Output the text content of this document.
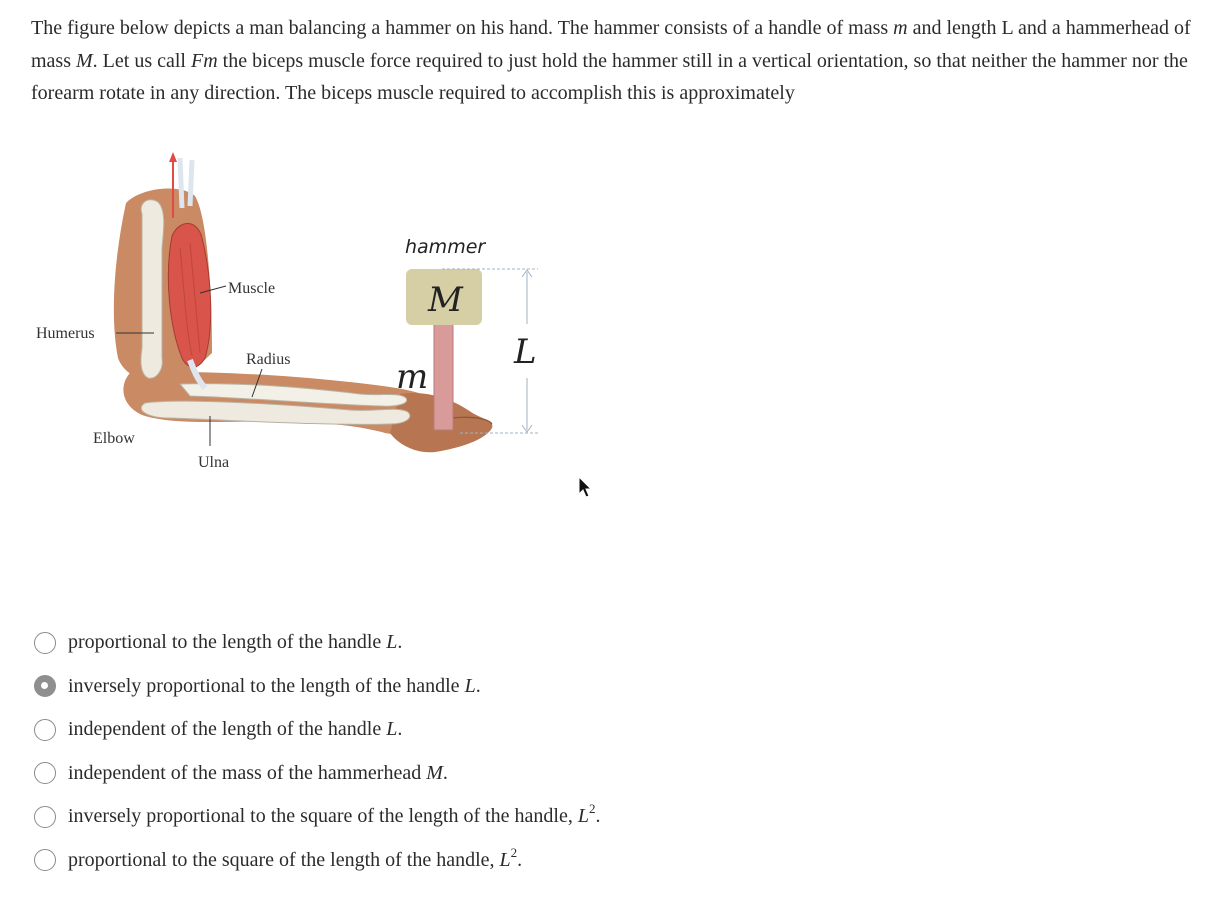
The figure below depicts a man balancing a hammer on his hand. The hammer consists of a handle of mass m and length L and a hammerhead of mass M. Let us call Fm the biceps muscle force required to just hold the hammer still in a vertical orientation, so that neither the hammer nor the forearm rotate in any direction. The biceps muscle required to accomplish this is approximately

Muscle
Humerus
Radius
Elbow
Ulna
hammer
M
m
L
proportional to the length of the handle L.
inversely proportional to the length of the handle L.
independent of the length of the handle L.
independent of the mass of the hammerhead M.
inversely proportional to the square of the length of the handle, $L^2$.
proportional to the square of the length of the handle, $L^2$.
